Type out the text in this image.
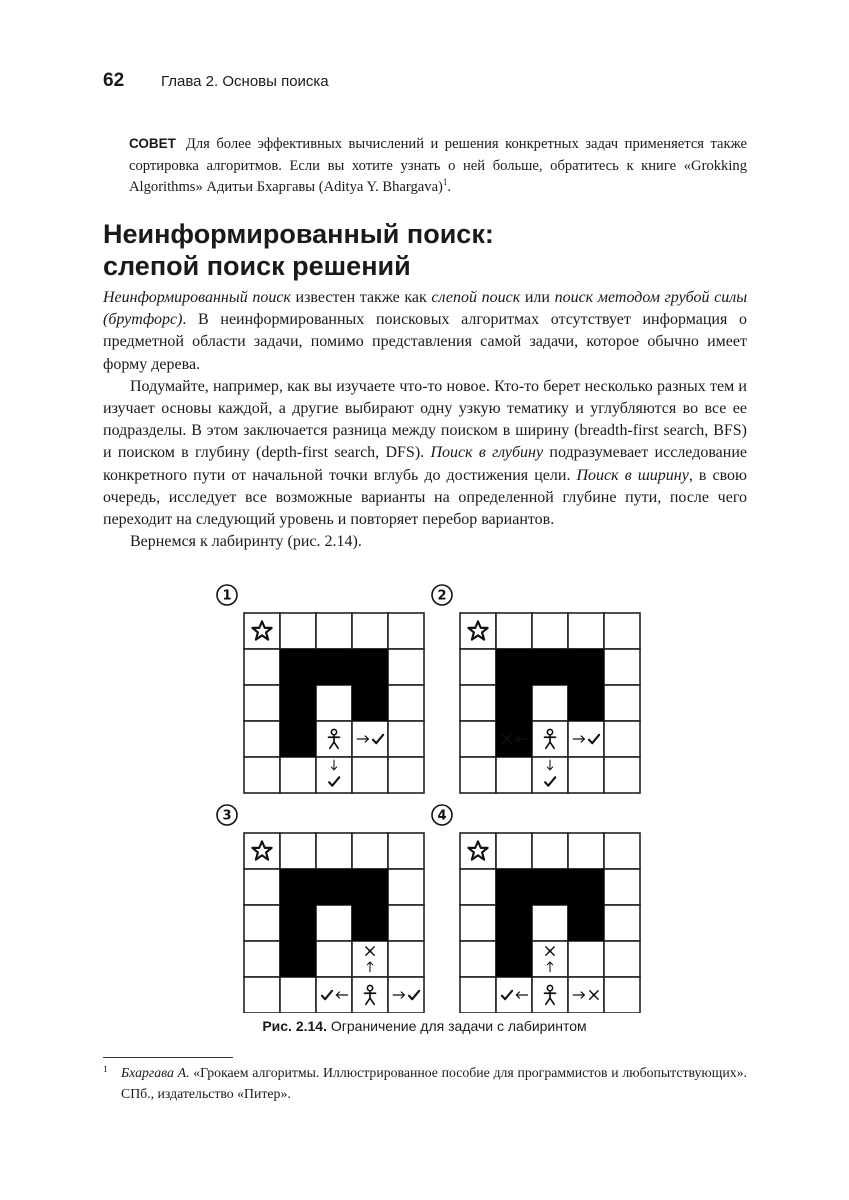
62 Глава 2. Основы поиска
СОВЕТ Для более эффективных вычислений и решения конкретных задач применяется также сортировка алгоритмов. Если вы хотите узнать о ней больше, обратитесь к книге «Grokking Algorithms» Адитьи Бхаргавы (Aditya Y. Bhargava)$^1$.
Неинформированный поиск:
слепой поиск решений

Неинформированный поиск известен также как слепой поиск или поиск методом грубой силы (брутфорс). В неинформированных поисковых алгоритмах отсутствует информация о предметной области задачи, помимо представления самой задачи, которое обычно имеет форму дерева.

Подумайте, например, как вы изучаете что-то новое. Кто-то берет несколько разных тем и изучает основы каждой, а другие выбирают одну узкую тематику и углубляются во все ее подразделы. В этом заключается разница между поиском в ширину (breadth-first search, BFS) и поиском в глубину (depth-first search, DFS). Поиск в глубину подразумевает исследование конкретного пути от начальной точки вглубь до достижения цели. Поиск в ширину, в свою очередь, исследует все возможные варианты на определенной глубине пути, после чего переходит на следующий уровень и повторяет перебор вариантов.

Вернемся к лабиринту (рис. 2.14).

1	2
3	4
Рис. 2.14. Ограничение для задачи с лабиринтом
1 Бхаргава А. «Грокаем алгоритмы. Иллюстрированное пособие для программистов и любопытствующих». СПб., издательство «Питер».
